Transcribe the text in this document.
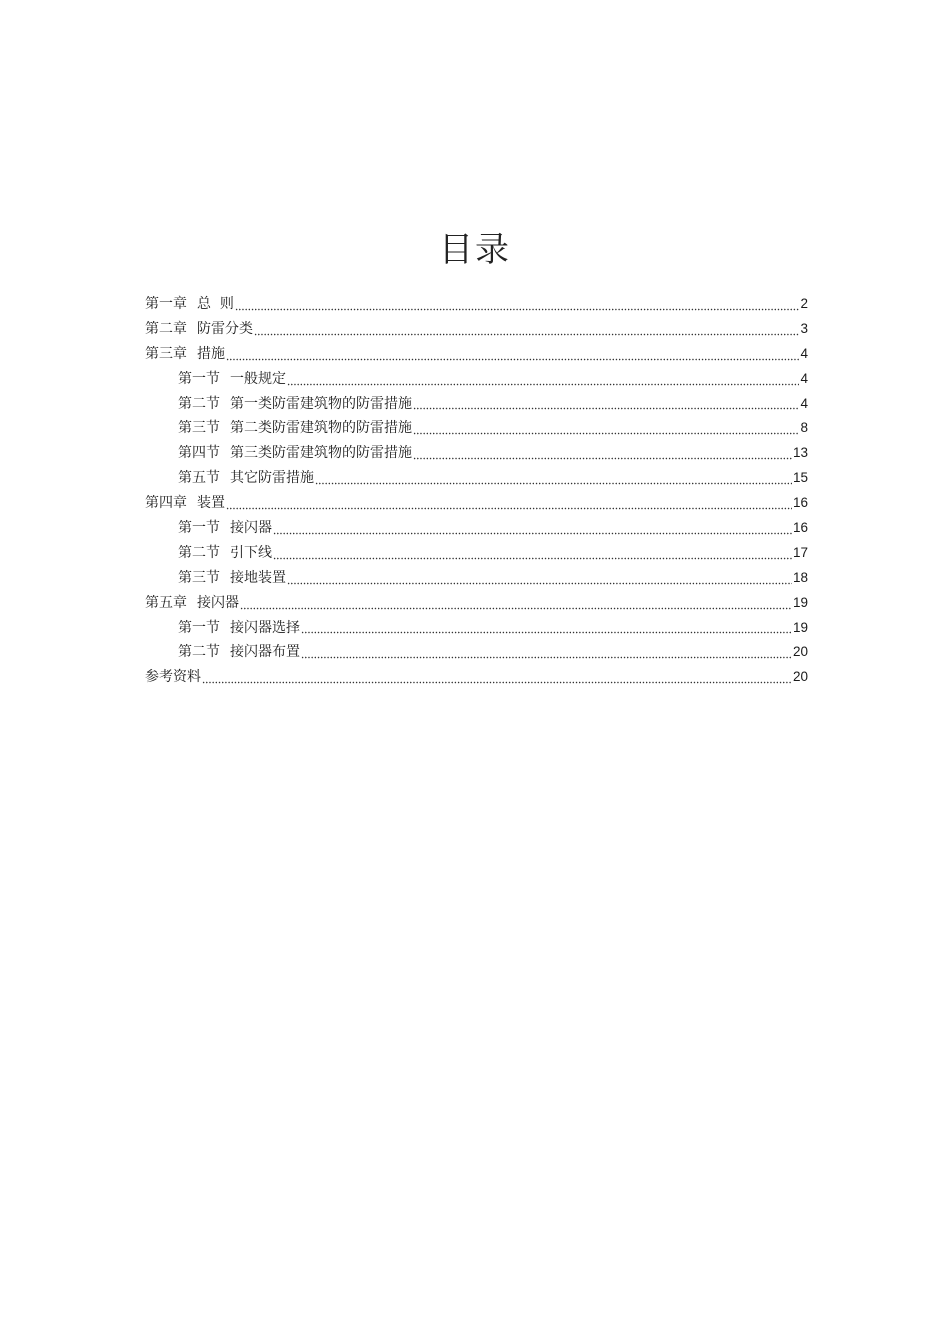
目录
第一章 总  则	2
第二章 防雷分类	3
第三章 措施	4
第一节 一般规定	4
第二节 第一类防雷建筑物的防雷措施	4
第三节 第二类防雷建筑物的防雷措施	8
第四节 第三类防雷建筑物的防雷措施	13
第五节 其它防雷措施	15
第四章 装置	16
第一节 接闪器	16
第二节 引下线	17
第三节 接地装置	18
第五章 接闪器	19
第一节 接闪器选择	19
第二节 接闪器布置	20
参考资料	20
